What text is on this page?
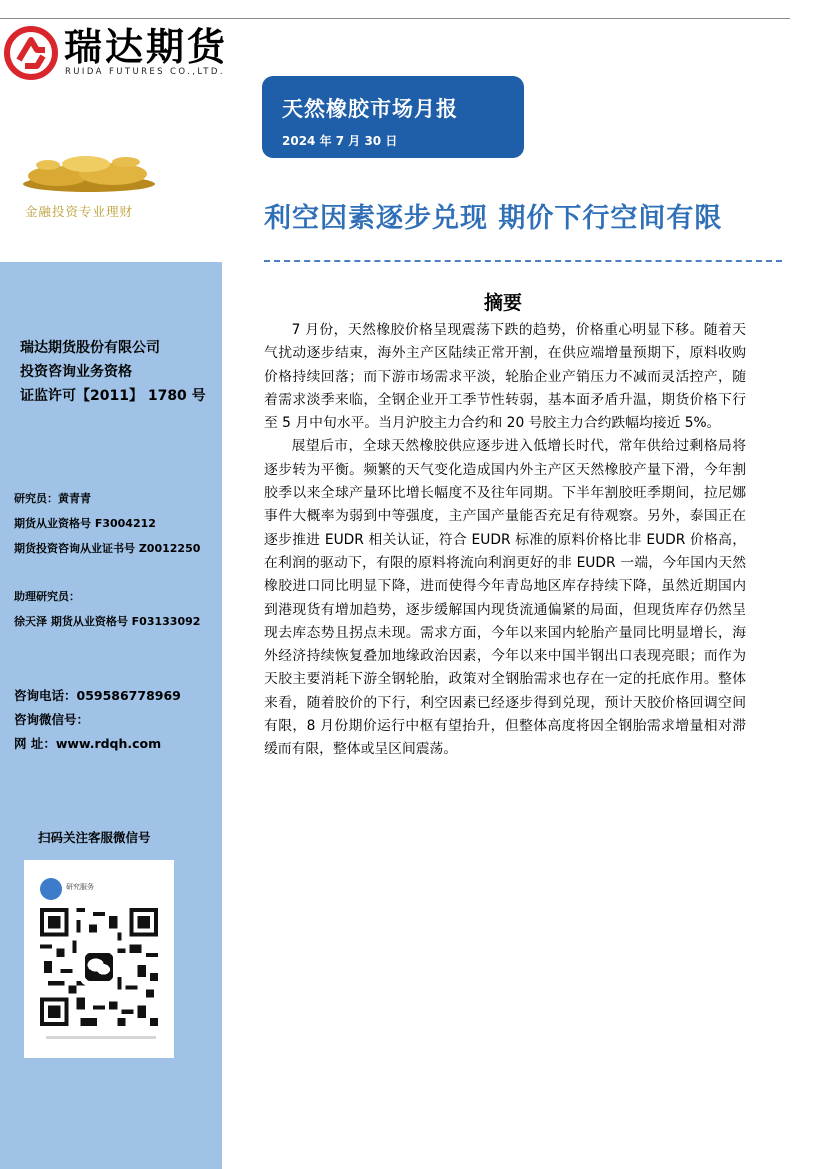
瑞达期货
RUIDA FUTURES CO.,LTD.
天然橡胶市场月报
2024 年 7 月 30 日
金融投资专业理财	利空因素逐步兑现 期价下行空间有限
瑞达期货股份有限公司
投资咨询业务资格
证监许可【2011】 1780 号
研究员：黄青青
期货从业资格号 F3004212
期货投资咨询从业证书号 Z0012250
助理研究员：
徐天泽 期货从业资格号 F03133092
咨询电话：059586778969
咨询微信号：
网 址：www.rdqh.com
扫码关注客服微信号
研究服务
摘要

7 月份，天然橡胶价格呈现震荡下跌的趋势，价格重心明显下移。随着天气扰动逐步结束，海外主产区陆续正常开割，在供应端增量预期下，原料收购价格持续回落；而下游市场需求平淡，轮胎企业产销压力不减而灵活控产，随着需求淡季来临，全钢企业开工季节性转弱，基本面矛盾升温，期货价格下行至 5 月中旬水平。当月沪胶主力合约和 20 号胶主力合约跌幅均接近 5%。

展望后市，全球天然橡胶供应逐步进入低增长时代，常年供给过剩格局将逐步转为平衡。频繁的天气变化造成国内外主产区天然橡胶产量下滑，今年割胶季以来全球产量环比增长幅度不及往年同期。下半年割胶旺季期间，拉尼娜事件大概率为弱到中等强度，主产国产量能否充足有待观察。另外，泰国正在逐步推进 EUDR 相关认证，符合 EUDR 标准的原料价格比非 EUDR 价格高，在利润的驱动下，有限的原料将流向利润更好的非 EUDR 一端，今年国内天然橡胶进口同比明显下降，进而使得今年青岛地区库存持续下降，虽然近期国内到港现货有增加趋势，逐步缓解国内现货流通偏紧的局面，但现货库存仍然呈现去库态势且拐点未现。需求方面，今年以来国内轮胎产量同比明显增长，海外经济持续恢复叠加地缘政治因素，今年以来中国半钢出口表现亮眼；而作为天胶主要消耗下游全钢轮胎，政策对全钢胎需求也存在一定的托底作用。整体来看，随着胶价的下行，利空因素已经逐步得到兑现，预计天胶价格回调空间有限，8 月份期价运行中枢有望抬升，但整体高度将因全钢胎需求增量相对滞缓而有限，整体或呈区间震荡。
